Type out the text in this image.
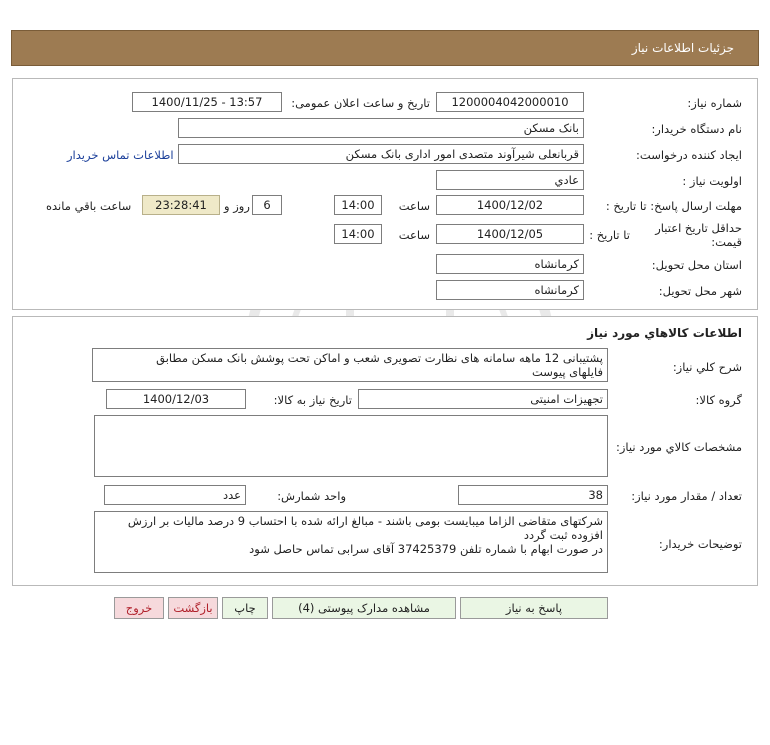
جزئيات اطلاعات نياز
شماره نیاز:
1200004042000010
تاریخ و ساعت اعلان عمومی:
1400/11/25 - 13:57
نام دستگاه خریدار:
بانک مسکن
ایجاد کننده درخواست:
قربانعلی شیرآوند متصدی امور اداری بانک مسکن
اطلاعات تماس خریدار
اولویت نیاز :
عادي
مهلت ارسال پاسخ: تا تاریخ :
1400/12/02
ساعت
14:00
6
روز و
23:28:41
ساعت باقي مانده
حداقل تاریخ اعتبار
قیمت:
تا تاریخ :
1400/12/05
ساعت
14:00
استان محل تحویل:
کرمانشاه
شهر محل تحویل:
کرمانشاه
اطلاعات کالاهاي مورد نياز
شرح کلي نياز:
پشتیبانی 12 ماهه سامانه های نظارت تصویری شعب و اماکن تحت پوشش بانک مسکن مطابق
فایلهای پیوست
گروه کالا:
تجهیزات امنیتی
تاریخ نیاز به کالا:
1400/12/03
مشخصات کالاي مورد نياز:
تعداد / مقدار مورد نیاز:
38
واحد شمارش:
عدد
توضیحات خریدار:
شرکتهای متقاضی الزاما میبایست بومی باشند - مبالغ ارائه شده با احتساب 9 درصد مالیات بر ارزش
افزوده ثبت گردد
در صورت ابهام با شماره تلفن 37425379 آقای سرابی تماس حاصل شود
پاسخ به نیاز
مشاهده مدارک پیوستی (4)
چاپ
بازگشت
خروج
